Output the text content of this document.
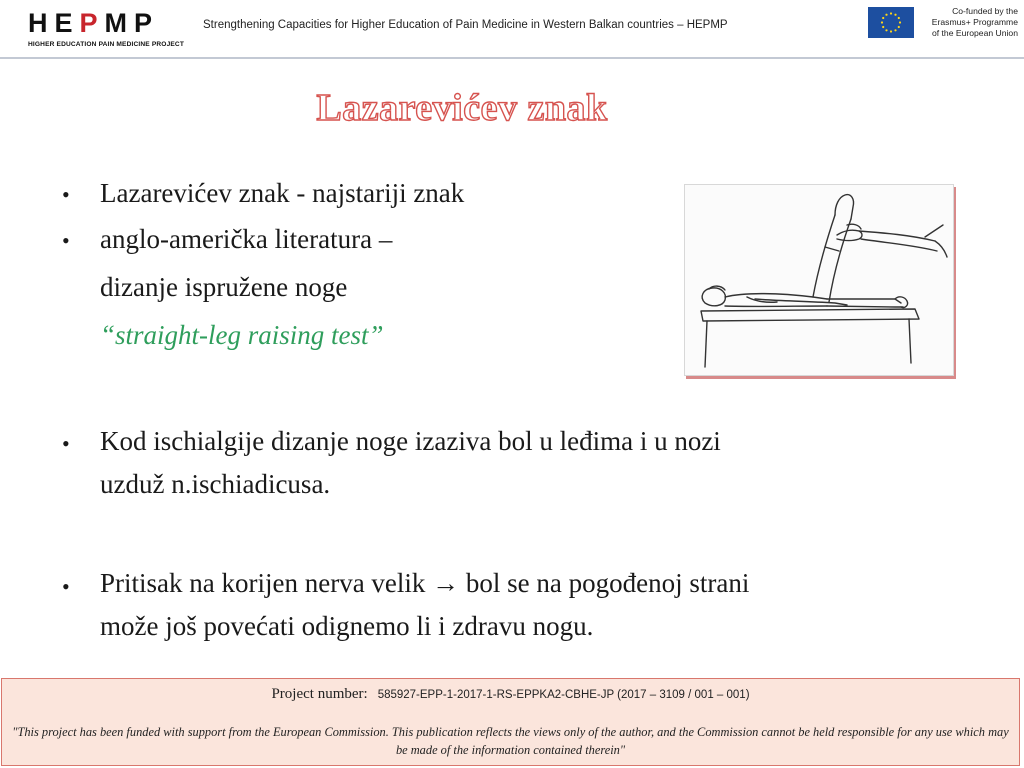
HEPMP
HIGHER EDUCATION PAIN MEDICINE PROJECT
Strengthening Capacities for Higher Education of Pain Medicine in Western Balkan countries – HEPMP
Co-funded by the
Erasmus+ Programme
of the European Union
Lazarevićev znak
• Lazarevićev znak - najstariji znak
• anglo-američka literatura –
dizanje ispružene noge
“straight-leg raising test”
• Kod ischialgije dizanje noge izaziva bol u leđima i u nozi
uzduž n.ischiadicusa.
• Pritisak na korijen nerva velik → bol se na pogođenoj strani
može još povećati odignemo li i zdravu nogu.
Project number: 585927-EPP-1-2017-1-RS-EPPKA2-CBHE-JP (2017 – 3109 / 001 – 001)
"This project has been funded with support from the European Commission. This publication reflects the views only of the author, and the Commission cannot be held responsible for any use which may be made of the information contained therein"
